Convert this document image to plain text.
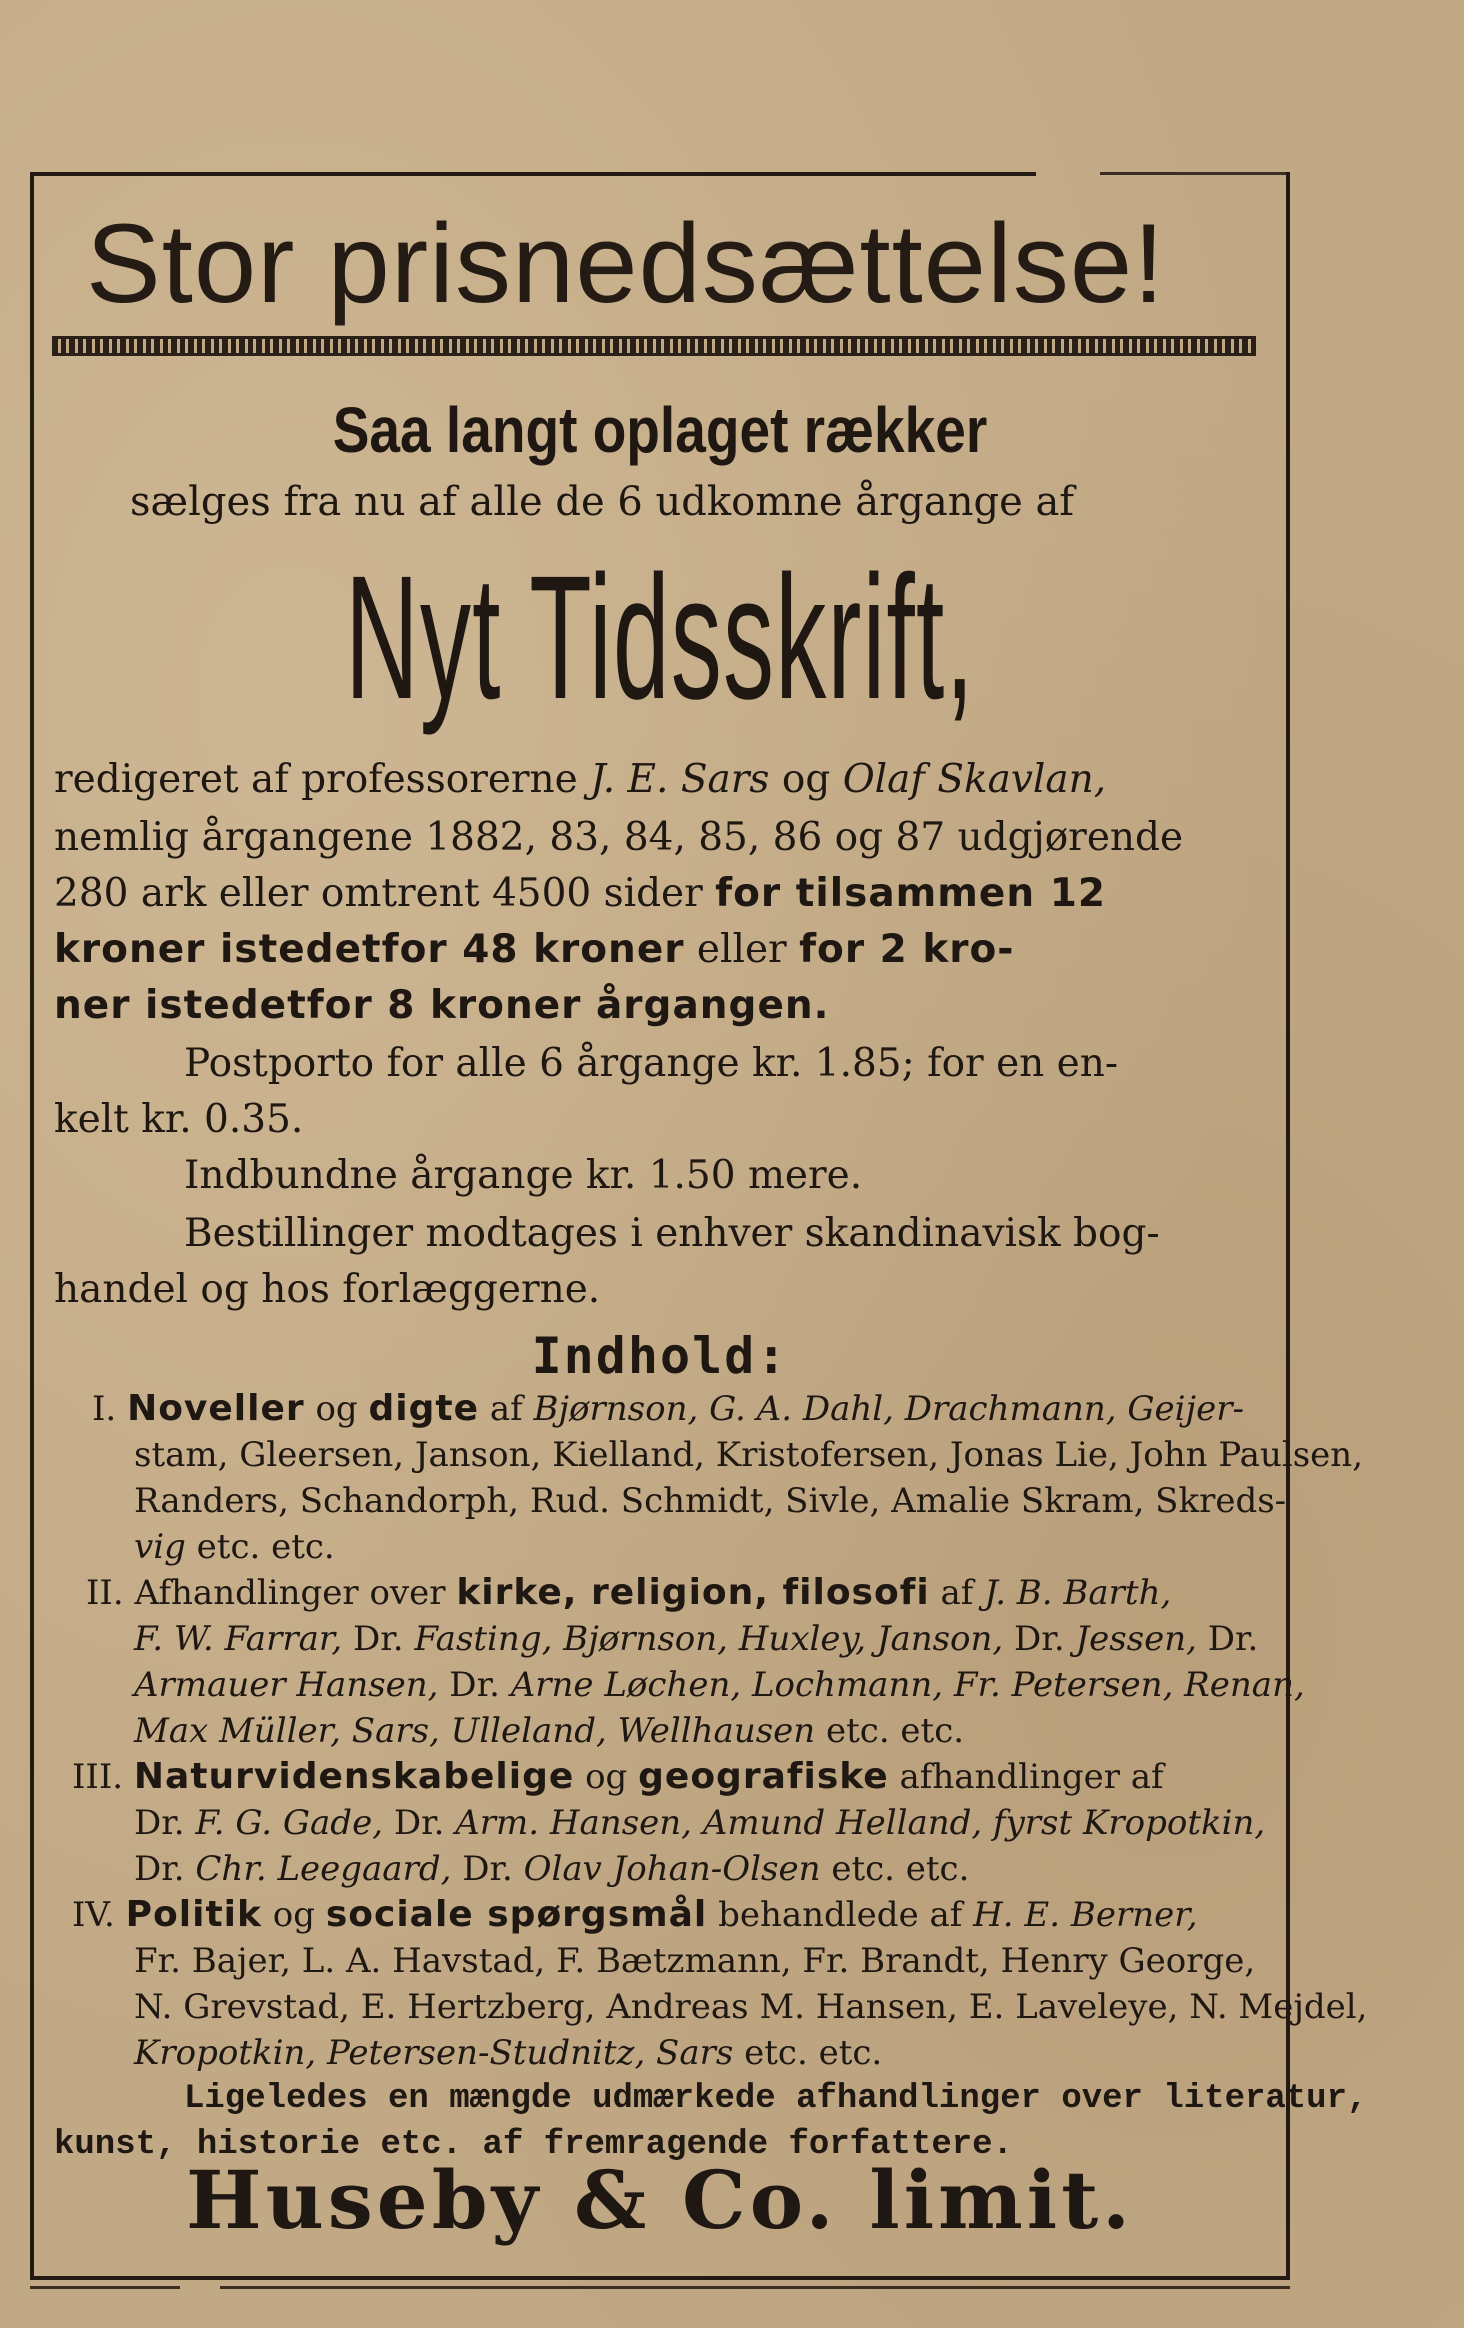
Stor prisnedsættelse!
Saa langt oplaget rækker
sælges fra nu af alle de 6 udkomne årgange af
Nyt Tidsskrift,
redigeret af professorerne J. E. Sars og Olaf Skavlan,
nemlig årgangene 1882, 83, 84, 85, 86 og 87 udgjørende
280 ark eller omtrent 4500 sider for tilsammen 12
kroner istedetfor 48 kroner eller for 2 kro-
ner istedetfor 8 kroner årgangen.
Postporto for alle 6 årgange kr. 1.85; for en en-
kelt kr. 0.35.
Indbundne årgange kr. 1.50 mere.
Bestillinger modtages i enhver skandinavisk bog-
handel og hos forlæggerne.
Indhold:
I. Noveller og digte af Bjørnson, G. A. Dahl, Drachmann, Geijer-
stam, Gleersen, Janson, Kielland, Kristofersen, Jonas Lie, John Paulsen,
Randers, Schandorph, Rud. Schmidt, Sivle, Amalie Skram, Skreds-
vig etc. etc.
II. Afhandlinger over kirke, religion, filosofi af J. B. Barth,
F. W. Farrar, Dr. Fasting, Bjørnson, Huxley, Janson, Dr. Jessen, Dr.
Armauer Hansen, Dr. Arne Løchen, Lochmann, Fr. Petersen, Renan,
Max Müller, Sars, Ulleland, Wellhausen etc. etc.
III. Naturvidenskabelige og geografiske afhandlinger af
Dr. F. G. Gade, Dr. Arm. Hansen, Amund Helland, fyrst Kropotkin,
Dr. Chr. Leegaard, Dr. Olav Johan-Olsen etc. etc.
IV. Politik og sociale spørgsmål behandlede af H. E. Berner,
Fr. Bajer, L. A. Havstad, F. Bætzmann, Fr. Brandt, Henry George,
N. Grevstad, E. Hertzberg, Andreas M. Hansen, E. Laveleye, N. Mejdel,
Kropotkin, Petersen-Studnitz, Sars etc. etc.
Ligeledes en mængde udmærkede afhandlinger over literatur,
kunst, historie etc. af fremragende forfattere.
Huseby & Co. limit.
